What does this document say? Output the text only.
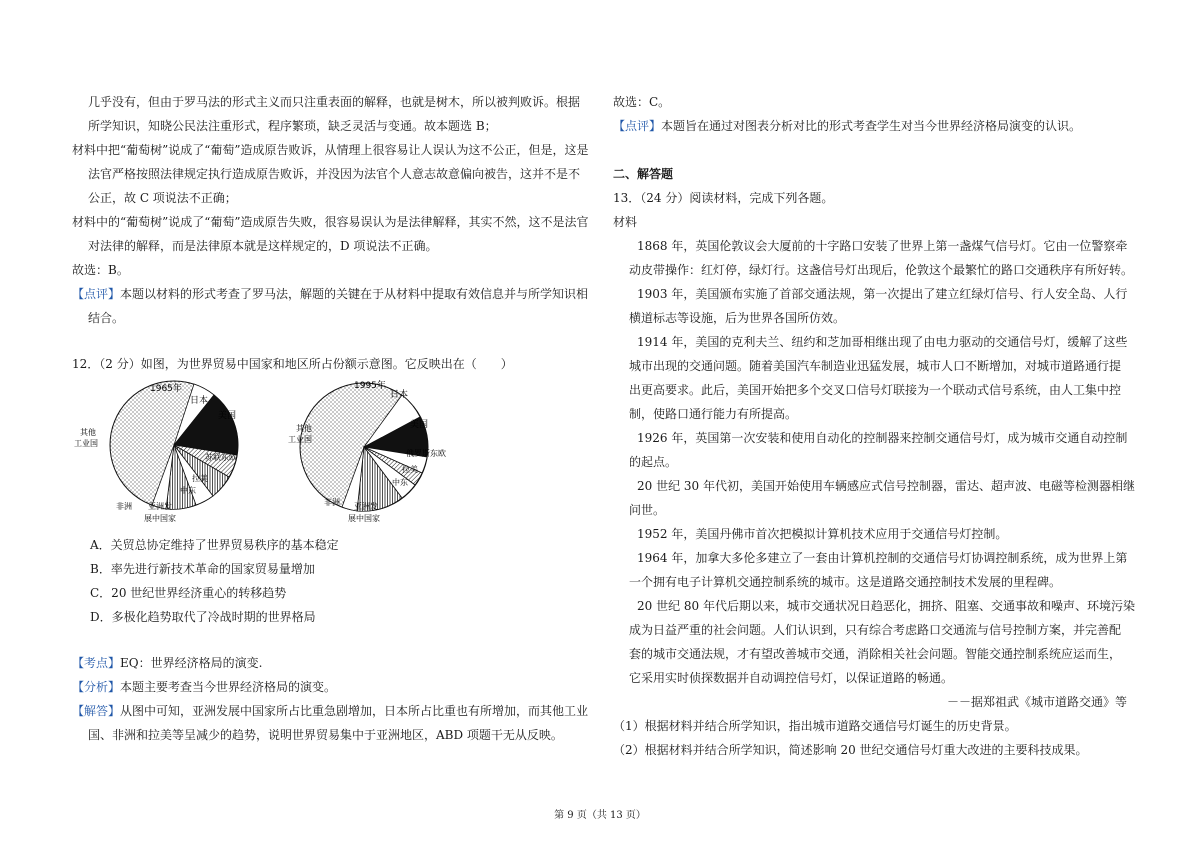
几乎没有，但由于罗马法的形式主义而只注重表面的解释，也就是树木，所以被判败诉。根据
所学知识，知晓公民法注重形式，程序繁琐，缺乏灵活与变通。故本题选 B；
材料中把“葡萄树”说成了“葡萄”造成原告败诉，从情理上很容易让人误认为这不公正，但是，这是
法官严格按照法律规定执行造成原告败诉，并没因为法官个人意志故意偏向被告，这并不是不
公正，故 C 项说法不正确；
材料中的“葡萄树”说成了“葡萄”造成原告失败，很容易误认为是法律解释，其实不然，这不是法官
对法律的解释，而是法律原本就是这样规定的，D 项说法不正确。
故选：B。
【点评】本题以材料的形式考查了罗马法，解题的关键在于从材料中提取有效信息并与所学知识相
结合。
12．（2 分）如图，为世界贸易中国家和地区所占份额示意图。它反映出在（　　）
1965年
日本
美国
苏联东欧
拉美
中东
亚洲发
展中国家
非洲
其他
工业国
1995年
日本
美国
俄罗斯东欧
拉美
中东
亚洲发
展中国家
非洲
其他
工业国
A．关贸总协定维持了世界贸易秩序的基本稳定
B．率先进行新技术革命的国家贸易量增加
C．20 世纪世界经济重心的转移趋势
D．多极化趋势取代了冷战时期的世界格局
【考点】EQ：世界经济格局的演变.
【分析】本题主要考查当今世界经济格局的演变。
【解答】从图中可知，亚洲发展中国家所占比重急剧增加，日本所占比重也有所增加，而其他工业
国、非洲和拉美等呈减少的趋势，说明世界贸易集中于亚洲地区，ABD 项题干无从反映。
故选：C。
【点评】本题旨在通过对图表分析对比的形式考查学生对当今世界经济格局演变的认识。
二、解答题
13．（24 分）阅读材料，完成下列各题。
材料
1868 年，英国伦敦议会大厦前的十字路口安装了世界上第一盏煤气信号灯。它由一位警察牵
动皮带操作：红灯停，绿灯行。这盏信号灯出现后，伦敦这个最繁忙的路口交通秩序有所好转。
1903 年，美国颁布实施了首部交通法规，第一次提出了建立红绿灯信号、行人安全岛、人行
横道标志等设施，后为世界各国所仿效。
1914 年，美国的克利夫兰、纽约和芝加哥相继出现了由电力驱动的交通信号灯，缓解了这些
城市出现的交通问题。随着美国汽车制造业迅猛发展，城市人口不断增加，对城市道路通行提
出更高要求。此后，美国开始把多个交叉口信号灯联接为一个联动式信号系统，由人工集中控
制，使路口通行能力有所提高。
1926 年，英国第一次安装和使用自动化的控制器来控制交通信号灯，成为城市交通自动控制
的起点。
20 世纪 30 年代初，美国开始使用车辆感应式信号控制器，雷达、超声波、电磁等检测器相继
问世。
1952 年，美国丹佛市首次把模拟计算机技术应用于交通信号灯控制。
1964 年，加拿大多伦多建立了一套由计算机控制的交通信号灯协调控制系统，成为世界上第
一个拥有电子计算机交通控制系统的城市。这是道路交通控制技术发展的里程碑。
20 世纪 80 年代后期以来，城市交通状况日趋恶化，拥挤、阻塞、交通事故和噪声、环境污染
成为日益严重的社会问题。人们认识到，只有综合考虑路口交通流与信号控制方案，并完善配
套的城市交通法规，才有望改善城市交通，消除相关社会问题。智能交通控制系统应运而生，
它采用实时侦探数据并自动调控信号灯，以保证道路的畅通。
－－据郑祖武《城市道路交通》等
（1）根据材料并结合所学知识，指出城市道路交通信号灯诞生的历史背景。
（2）根据材料并结合所学知识，简述影响 20 世纪交通信号灯重大改进的主要科技成果。
第 9 页（共 13 页）
